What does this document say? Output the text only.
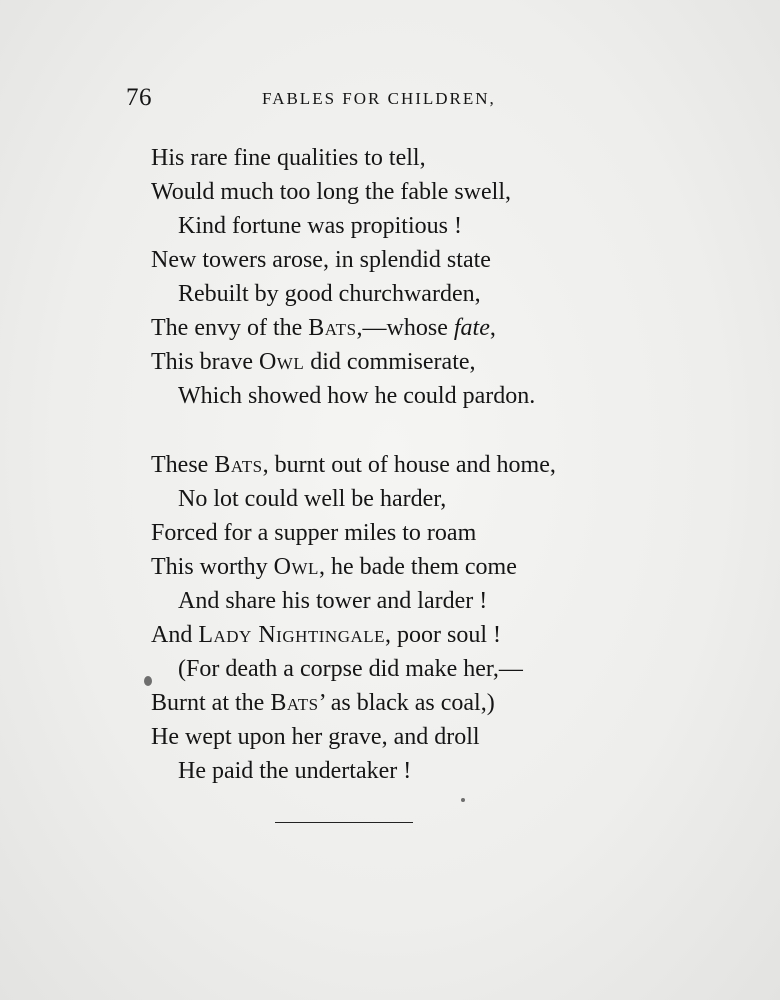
76	FABLES FOR CHILDREN,
His rare fine qualities to tell,
Would much too long the fable swell,
Kind fortune was propitious !
New towers arose, in splendid state
Rebuilt by good churchwarden,
The envy of the Bats,—whose fate,
This brave Owl did commiserate,
Which showed how he could pardon.
These Bats, burnt out of house and home,
No lot could well be harder,
Forced for a supper miles to roam
This worthy Owl, he bade them come
And share his tower and larder !
And Lady Nightingale, poor soul !
(For death a corpse did make her,—
Burnt at the Bats’ as black as coal,)
He wept upon her grave, and droll
He paid the undertaker !
